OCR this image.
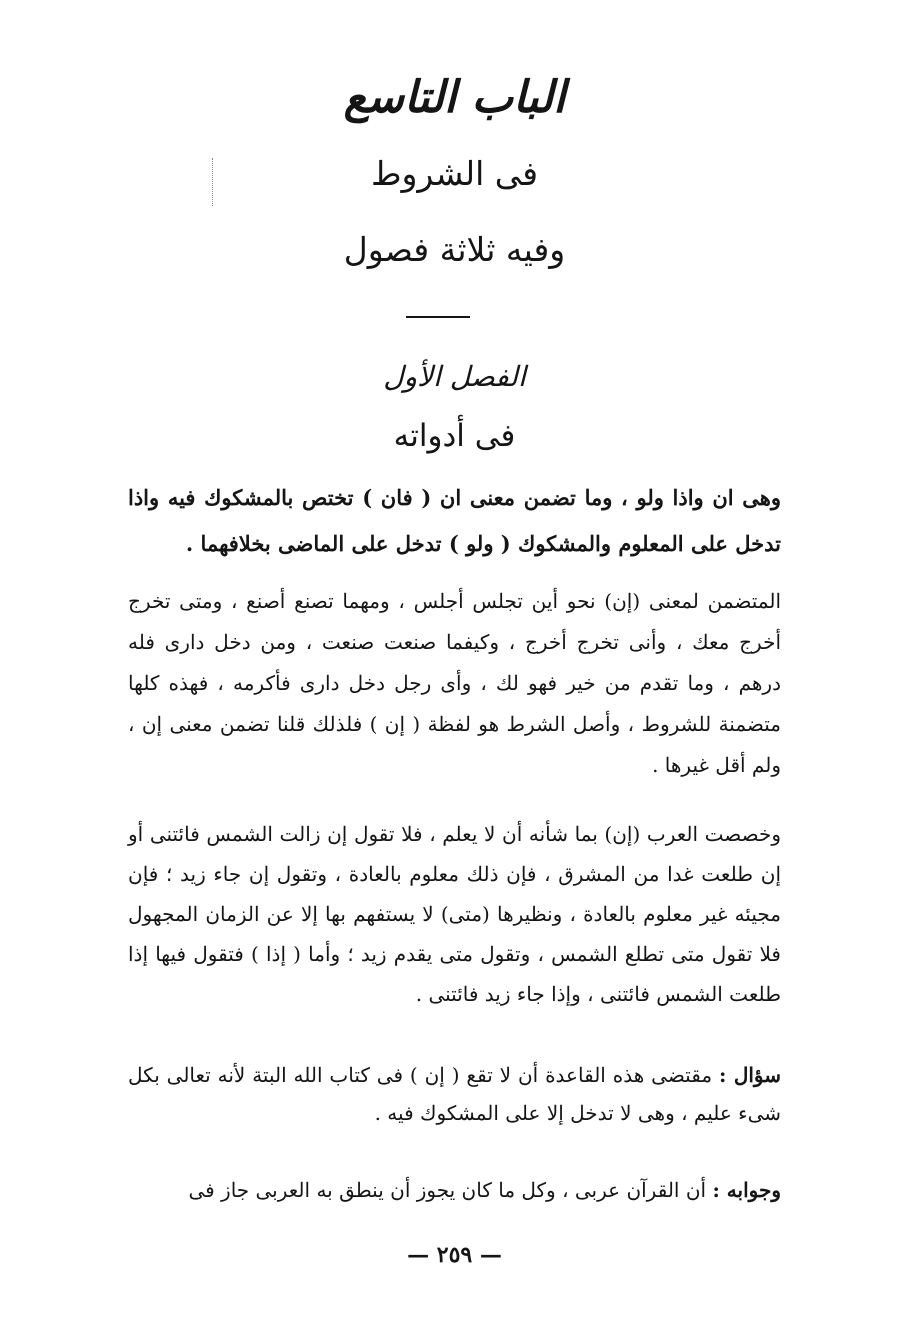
الباب التاسع
فى الشروط
وفيه ثلاثة فصول
الفصل الأول
فى أدواته

وهى ان واذا ولو ، وما تضمن معنى ان ( فان ) تختص بالمشكوك فيه واذا تدخل على المعلوم والمشكوك ( ولو ) تدخل على الماضى بخلافهما .

المتضمن لمعنى (إن) نحو أين تجلس أجلس ، ومهما تصنع أصنع ، ومتى تخرج أخرج معك ، وأنى تخرج أخرج ، وكيفما صنعت صنعت ، ومن دخل دارى فله درهم ، وما تقدم من خير فهو لك ، وأى رجل دخل دارى فأكرمه ، فهذه كلها متضمنة للشروط ، وأصل الشرط هو لفظة ( إن ) فلذلك قلنا تضمن معنى إن ، ولم أقل غيرها .

وخصصت العرب (إن) بما شأنه أن لا يعلم ، فلا تقول إن زالت الشمس فائتنى أو إن طلعت غدا من المشرق ، فإن ذلك معلوم بالعادة ، وتقول إن جاء زيد ؛ فإن مجيئه غير معلوم بالعادة ، ونظيرها (متى) لا يستفهم بها إلا عن الزمان المجهول فلا تقول متى تطلع الشمس ، وتقول متى يقدم زيد ؛ وأما ( إذا ) فتقول فيها إذا طلعت الشمس فائتنى ، وإذا جاء زيد فائتنى .

سؤال : مقتضى هذه القاعدة أن لا تقع ( إن ) فى كتاب الله البتة لأنه تعالى بكل شىء عليم ، وهى لا تدخل إلا على المشكوك فيه .

وجوابه : أن القرآن عربى ، وكل ما كان يجوز أن ينطق به العربى جاز فى

— ٢٥٩ —
